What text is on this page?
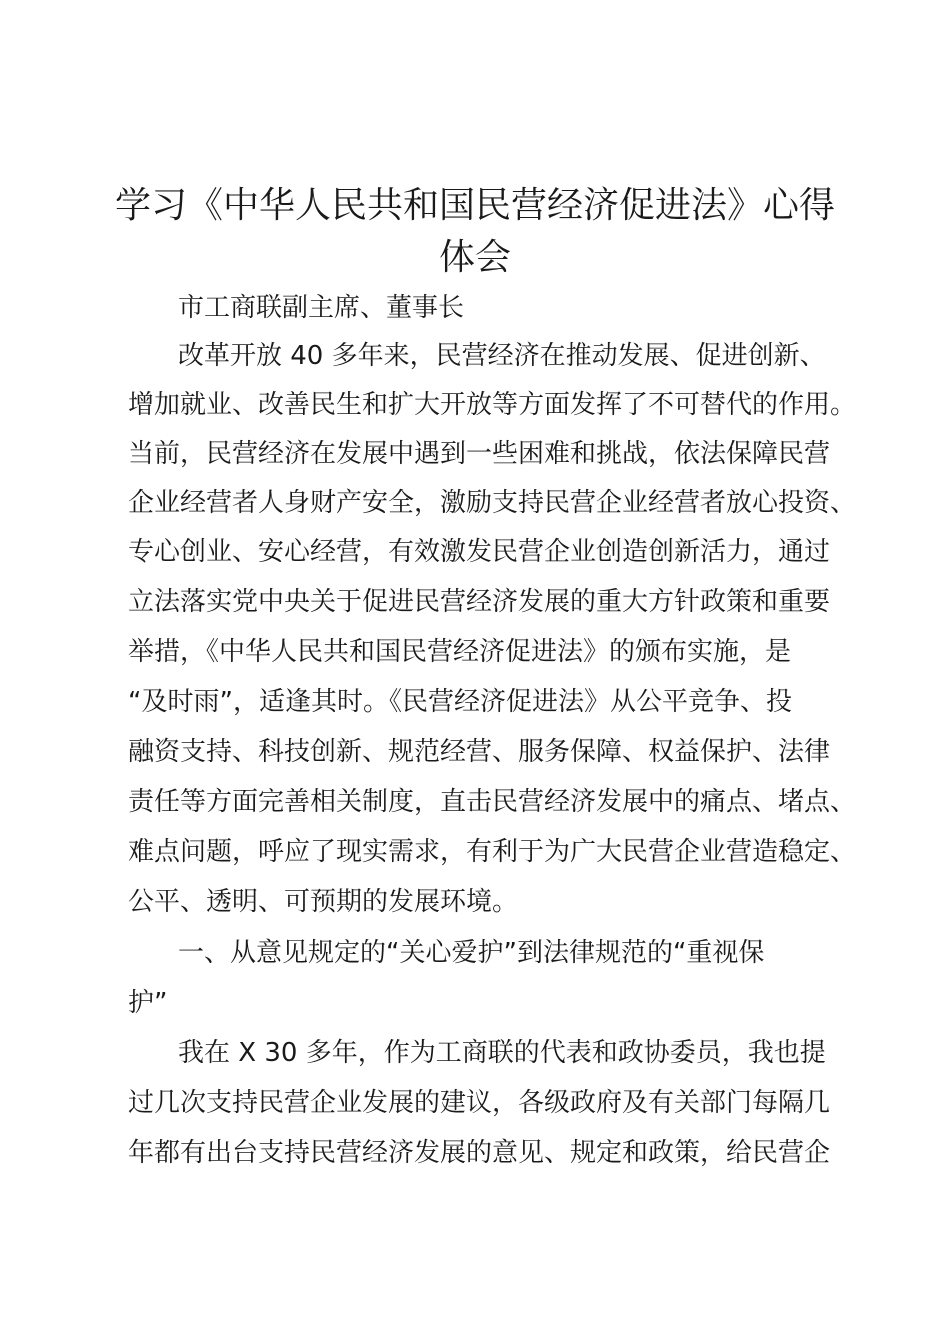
学习《中华人民共和国民营经济促进法》心得
体会

市工商联副主席、董事长

改革开放 40 多年来，民营经济在推动发展、促进创新、

增加就业、改善民生和扩大开放等方面发挥了不可替代的作用。

当前，民营经济在发展中遇到一些困难和挑战，依法保障民营

企业经营者人身财产安全，激励支持民营企业经营者放心投资、

专心创业、安心经营，有效激发民营企业创造创新活力，通过

立法落实党中央关于促进民营经济发展的重大方针政策和重要

举措，《中华人民共和国民营经济促进法》的颁布实施，是

“及时雨”，适逢其时。《民营经济促进法》从公平竞争、投

融资支持、科技创新、规范经营、服务保障、权益保护、法律

责任等方面完善相关制度，直击民营经济发展中的痛点、堵点、

难点问题，呼应了现实需求，有利于为广大民营企业营造稳定、

公平、透明、可预期的发展环境。

一、从意见规定的“关心爱护”到法律规范的“重视保

护”

我在 X 30 多年，作为工商联的代表和政协委员，我也提

过几次支持民营企业发展的建议，各级政府及有关部门每隔几

年都有出台支持民营经济发展的意见、规定和政策，给民营企
